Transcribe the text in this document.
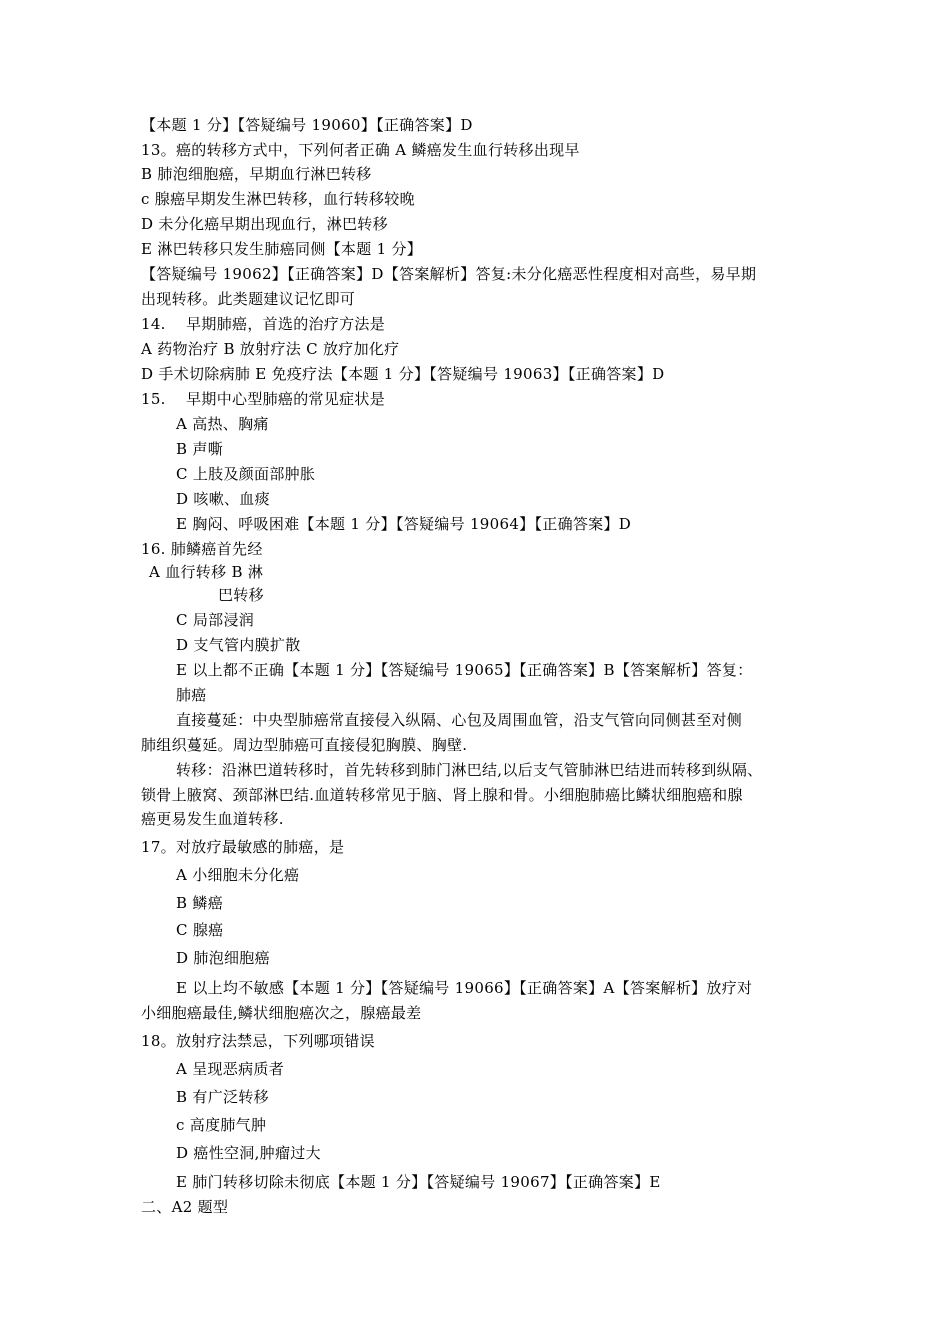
【本题 1 分】【答疑编号 19060】【正确答案】D
13。癌的转移方式中，下列何者正确 A 鳞癌发生血行转移出现早
B 肺泡细胞癌，早期血行淋巴转移
c 腺癌早期发生淋巴转移，血行转移较晚
D 未分化癌早期出现血行，淋巴转移
E 淋巴转移只发生肺癌同侧【本题 1 分】
【答疑编号 19062】【正确答案】D【答案解析】答复:未分化癌恶性程度相对高些，易早期
出现转移。此类题建议记忆即可
14.　 早期肺癌，首选的治疗方法是
A 药物治疗 B 放射疗法 C 放疗加化疗
D 手术切除病肺 E 免疫疗法【本题 1 分】【答疑编号 19063】【正确答案】D
15.　 早期中心型肺癌的常见症状是
A 高热、胸痛
B 声嘶
C 上肢及颜面部肿胀
D 咳嗽、血痰
E 胸闷、呼吸困难【本题 1 分】【答疑编号 19064】【正确答案】D
16. 肺鳞癌首先经
A 血行转移 B 淋
巴转移
C 局部浸润
D 支气管内膜扩散
E 以上都不正确【本题 1 分】【答疑编号 19065】【正确答案】B【答案解析】答复：
肺癌
直接蔓延：中央型肺癌常直接侵入纵隔、心包及周围血管，沿支气管向同侧甚至对侧
肺组织蔓延。周边型肺癌可直接侵犯胸膜、胸壁.
转移：沿淋巴道转移时，首先转移到肺门淋巴结,以后支气管肺淋巴结进而转移到纵隔、
锁骨上腋窝、颈部淋巴结.血道转移常见于脑、肾上腺和骨。小细胞肺癌比鳞状细胞癌和腺
癌更易发生血道转移.
17。对放疗最敏感的肺癌，是
A 小细胞未分化癌
B 鳞癌
C 腺癌
D 肺泡细胞癌
E 以上均不敏感【本题 1 分】【答疑编号 19066】【正确答案】A【答案解析】放疗对
小细胞癌最佳,鳞状细胞癌次之，腺癌最差
18。放射疗法禁忌，下列哪项错误
A 呈现恶病质者
B 有广泛转移
c 高度肺气肿
D 癌性空洞,肿瘤过大
E 肺门转移切除未彻底【本题 1 分】【答疑编号 19067】【正确答案】E
二、A2 题型
